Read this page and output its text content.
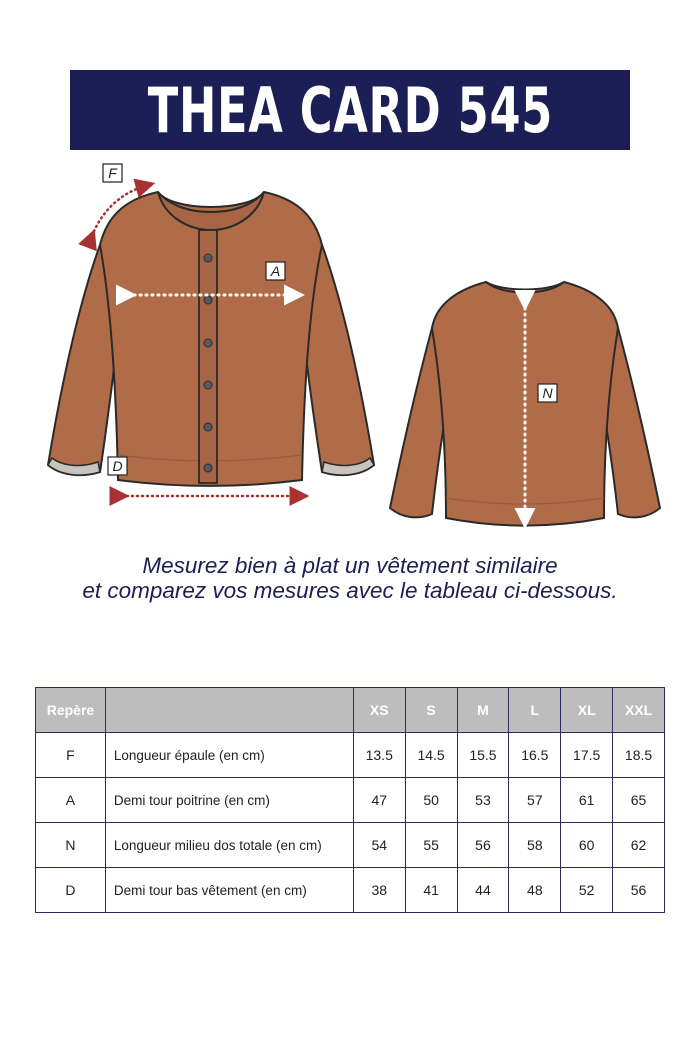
THEA CARD 545
F
A
N
D
Mesurez bien à plat un vêtement similaire
et comparez vos mesures avec le tableau ci-dessous.
Repère		XS	S	M	L	XL	XXL
F	Longueur épaule (en cm)	13.5	14.5	15.5	16.5	17.5	18.5
A	Demi tour poitrine (en cm)	47	50	53	57	61	65
N	Longueur milieu dos totale (en cm)	54	55	56	58	60	62
D	Demi tour bas vêtement (en cm)	38	41	44	48	52	56
